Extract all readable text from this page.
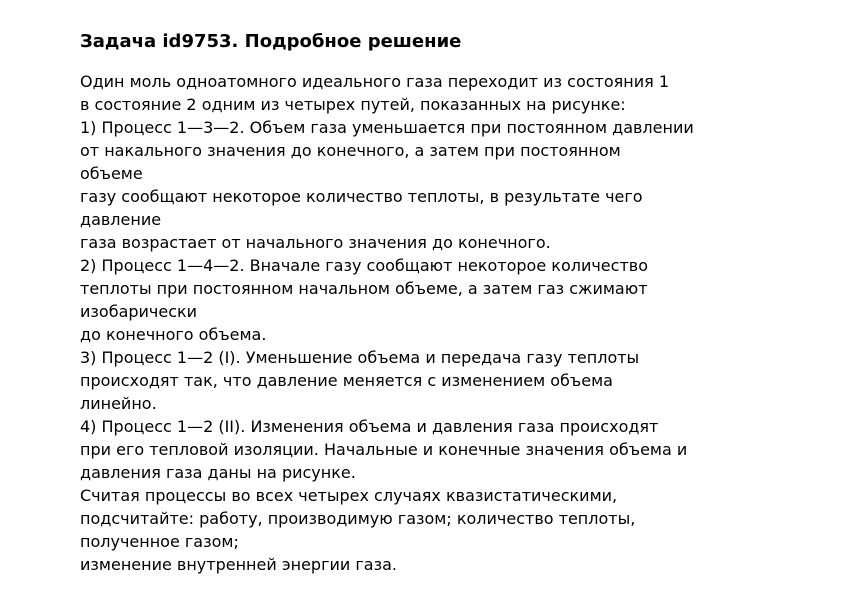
Задача id9753. Подробное решение
Один моль одноатомного идеального газа переходит из состояния 1
в состояние 2 одним из четырех путей, показанных на рисунке:
1) Процесс 1—3—2. Объем газа уменьшается при постоянном давлении
от накального значения до конечного, а затем при постоянном
объеме
газу сообщают некоторое количество теплоты, в результате чего
давление
газа возрастает от начального значения до конечного.
2) Процесс 1—4—2. Вначале газу сообщают некоторое количество
теплоты при постоянном начальном объеме, а затем газ сжимают
изобарически
до конечного объема.
3) Процесс 1—2 (I). Уменьшение объема и передача газу теплоты
происходят так, что давление меняется с изменением объема
линейно.
4) Процесс 1—2 (II). Изменения объема и давления газа происходят
при его тепловой изоляции. Начальные и конечные значения объема и
давления газа даны на рисунке.
Считая процессы во всех четырех случаях квазистатическими,
подсчитайте: работу, производимую газом; количество теплоты,
полученное газом;
изменение внутренней энергии газа.
